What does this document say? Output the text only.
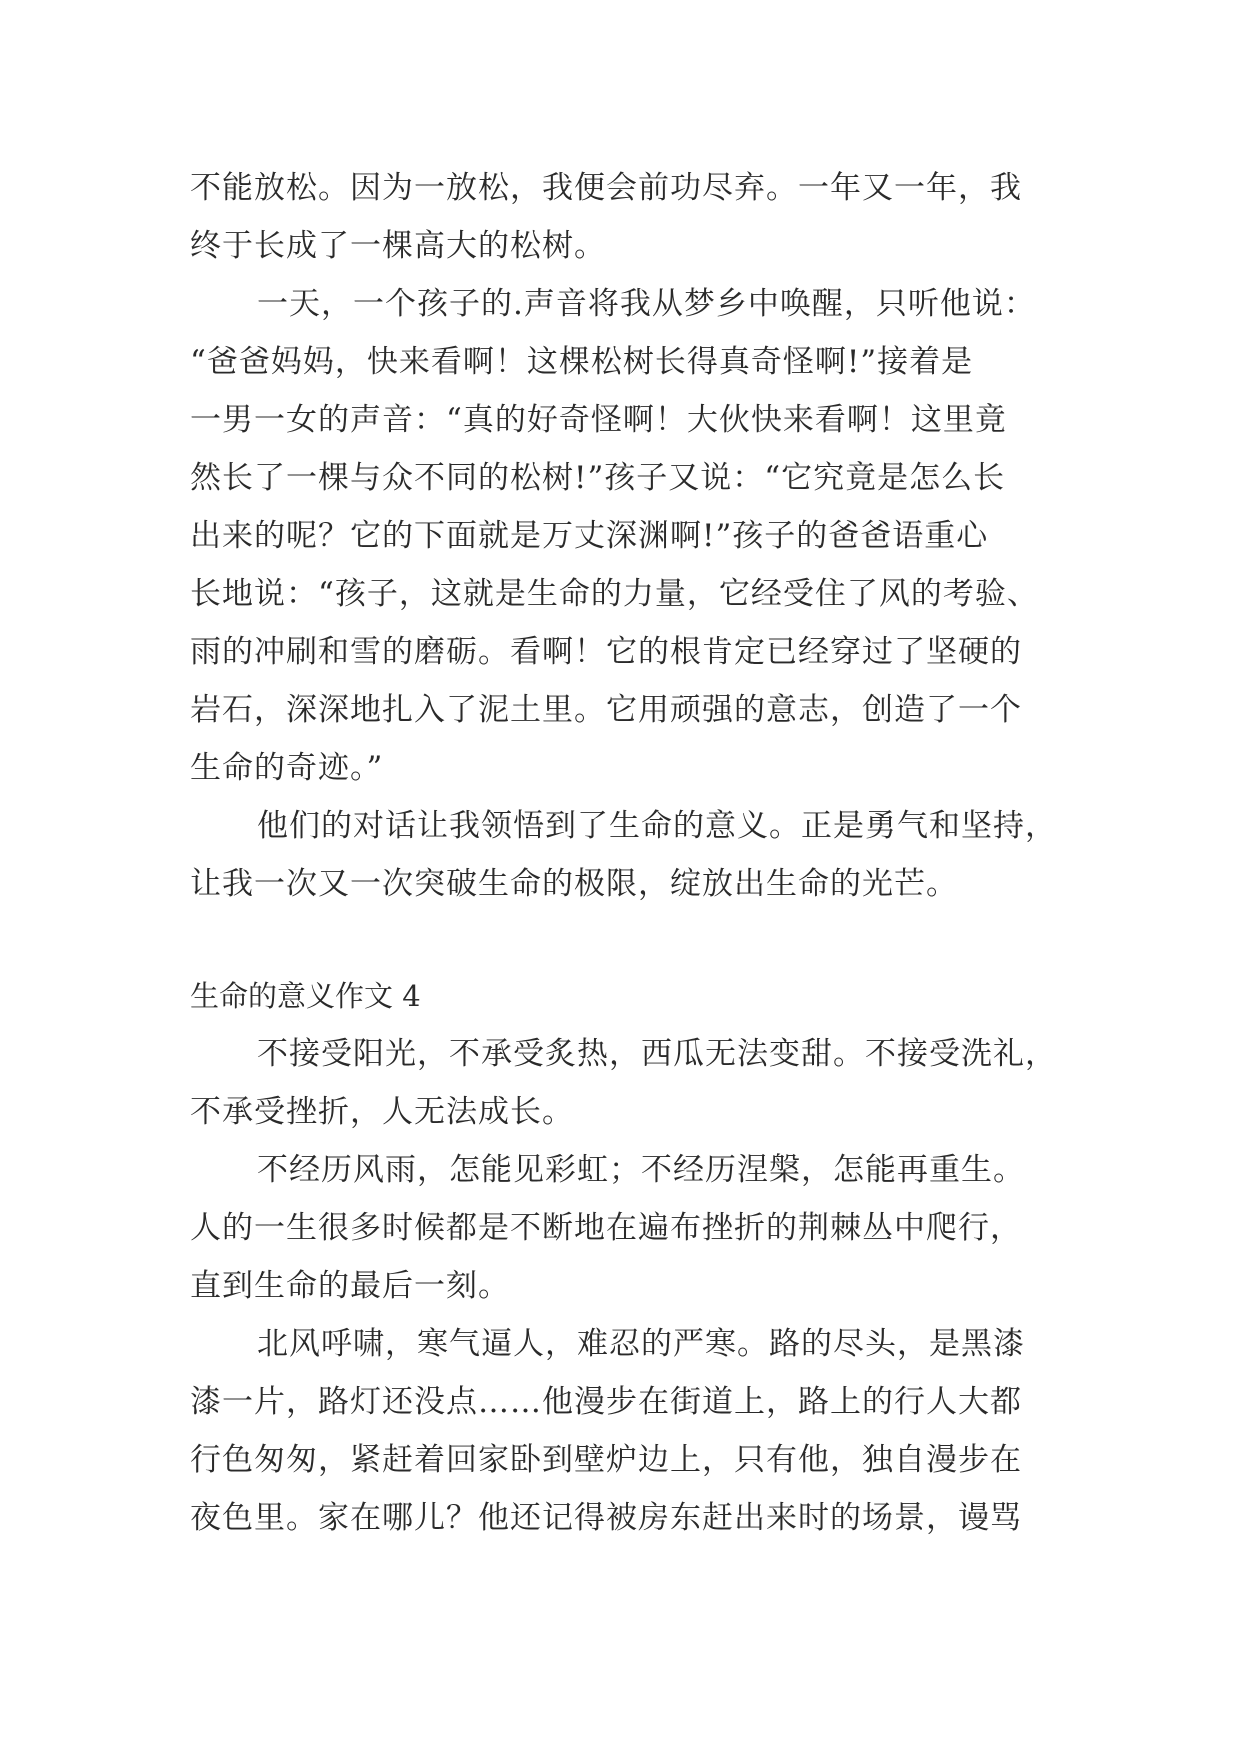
不能放松。因为一放松，我便会前功尽弃。一年又一年，我
终于长成了一棵高大的松树。
一天，一个孩子的.声音将我从梦乡中唤醒，只听他说：
“爸爸妈妈，快来看啊！这棵松树长得真奇怪啊!”接着是
一男一女的声音：“真的好奇怪啊！大伙快来看啊！这里竟
然长了一棵与众不同的松树!”孩子又说：“它究竟是怎么长
出来的呢？它的下面就是万丈深渊啊!”孩子的爸爸语重心
长地说：“孩子，这就是生命的力量，它经受住了风的考验、
雨的冲刷和雪的磨砺。看啊！它的根肯定已经穿过了坚硬的
岩石，深深地扎入了泥土里。它用顽强的意志，创造了一个
生命的奇迹。”
他们的对话让我领悟到了生命的意义。正是勇气和坚持，
让我一次又一次突破生命的极限，绽放出生命的光芒。
生命的意义作文 4
不接受阳光，不承受炙热，西瓜无法变甜。不接受洗礼，
不承受挫折，人无法成长。
不经历风雨，怎能见彩虹；不经历涅槃，怎能再重生。
人的一生很多时候都是不断地在遍布挫折的荆棘丛中爬行，
直到生命的最后一刻。
北风呼啸，寒气逼人，难忍的严寒。路的尽头，是黑漆
漆一片，路灯还没点……他漫步在街道上，路上的行人大都
行色匆匆，紧赶着回家卧到壁炉边上，只有他，独自漫步在
夜色里。家在哪儿？他还记得被房东赶出来时的场景，谩骂
